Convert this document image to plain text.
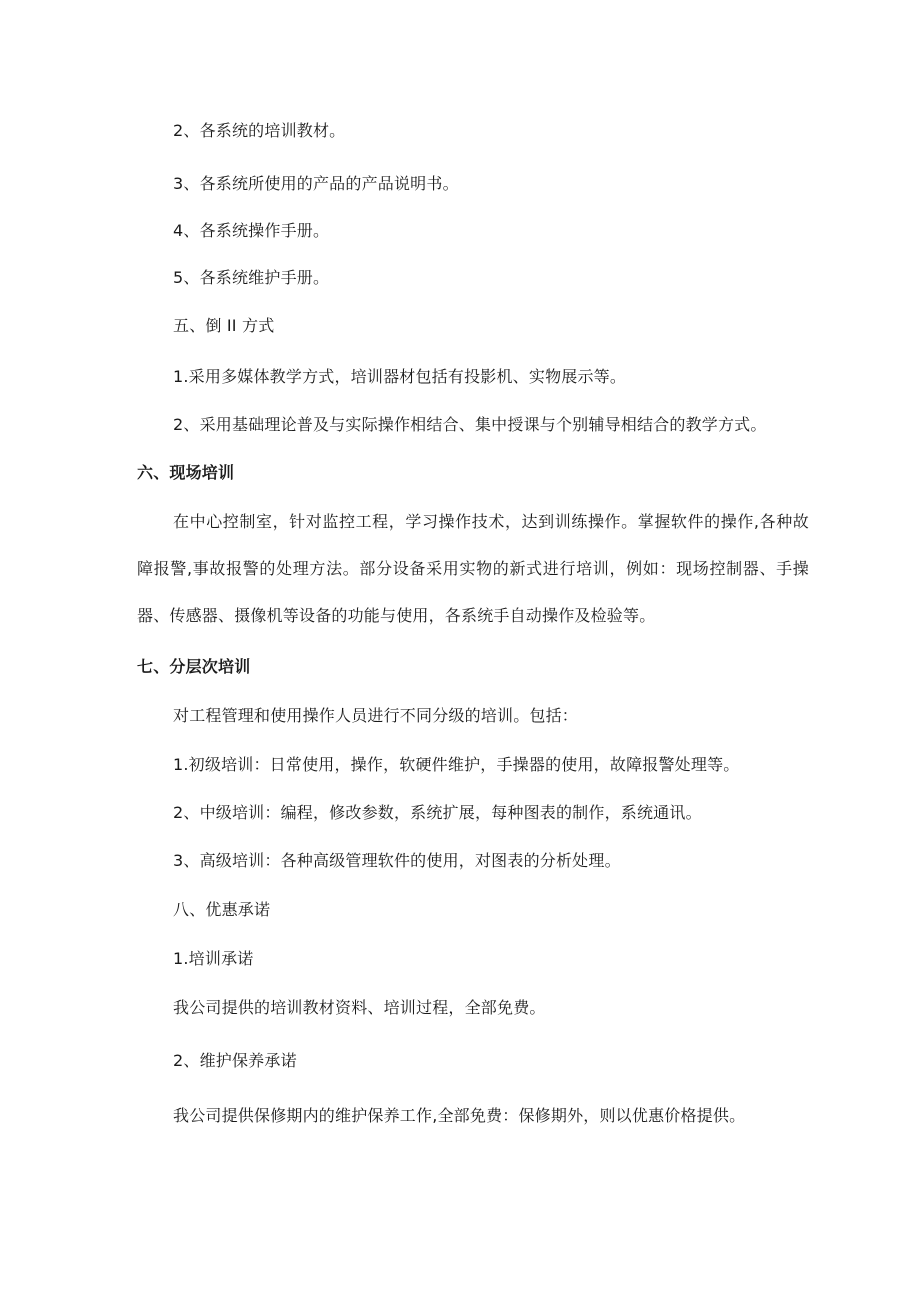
2、各系统的培训教材。
3、各系统所使用的产品的产品说明书。
4、各系统操作手册。
5、各系统维护手册。
五、倒 II 方式
1.采用多媒体教学方式，培训器材包括有投影机、实物展示等。
2、采用基础理论普及与实际操作相结合、集中授课与个别辅导相结合的教学方式。
六、现场培训

在中心控制室，针对监控工程，学习操作技术，达到训练操作。掌握软件的操作,各种故障报警,事故报警的处理方法。部分设备采用实物的新式进行培训，例如：现场控制器、手操器、传感器、摄像机等设备的功能与使用，各系统手自动操作及检验等。

七、分层次培训
对工程管理和使用操作人员进行不同分级的培训。包括：
1.初级培训：日常使用，操作，软硬件维护，手操器的使用，故障报警处理等。
2、中级培训：编程，修改参数，系统扩展，每种图表的制作，系统通讯。
3、高级培训：各种高级管理软件的使用，对图表的分析处理。
八、优惠承诺
1.培训承诺
我公司提供的培训教材资料、培训过程，全部免费。
2、维护保养承诺
我公司提供保修期内的维护保养工作,全部免费：保修期外，则以优惠价格提供。
